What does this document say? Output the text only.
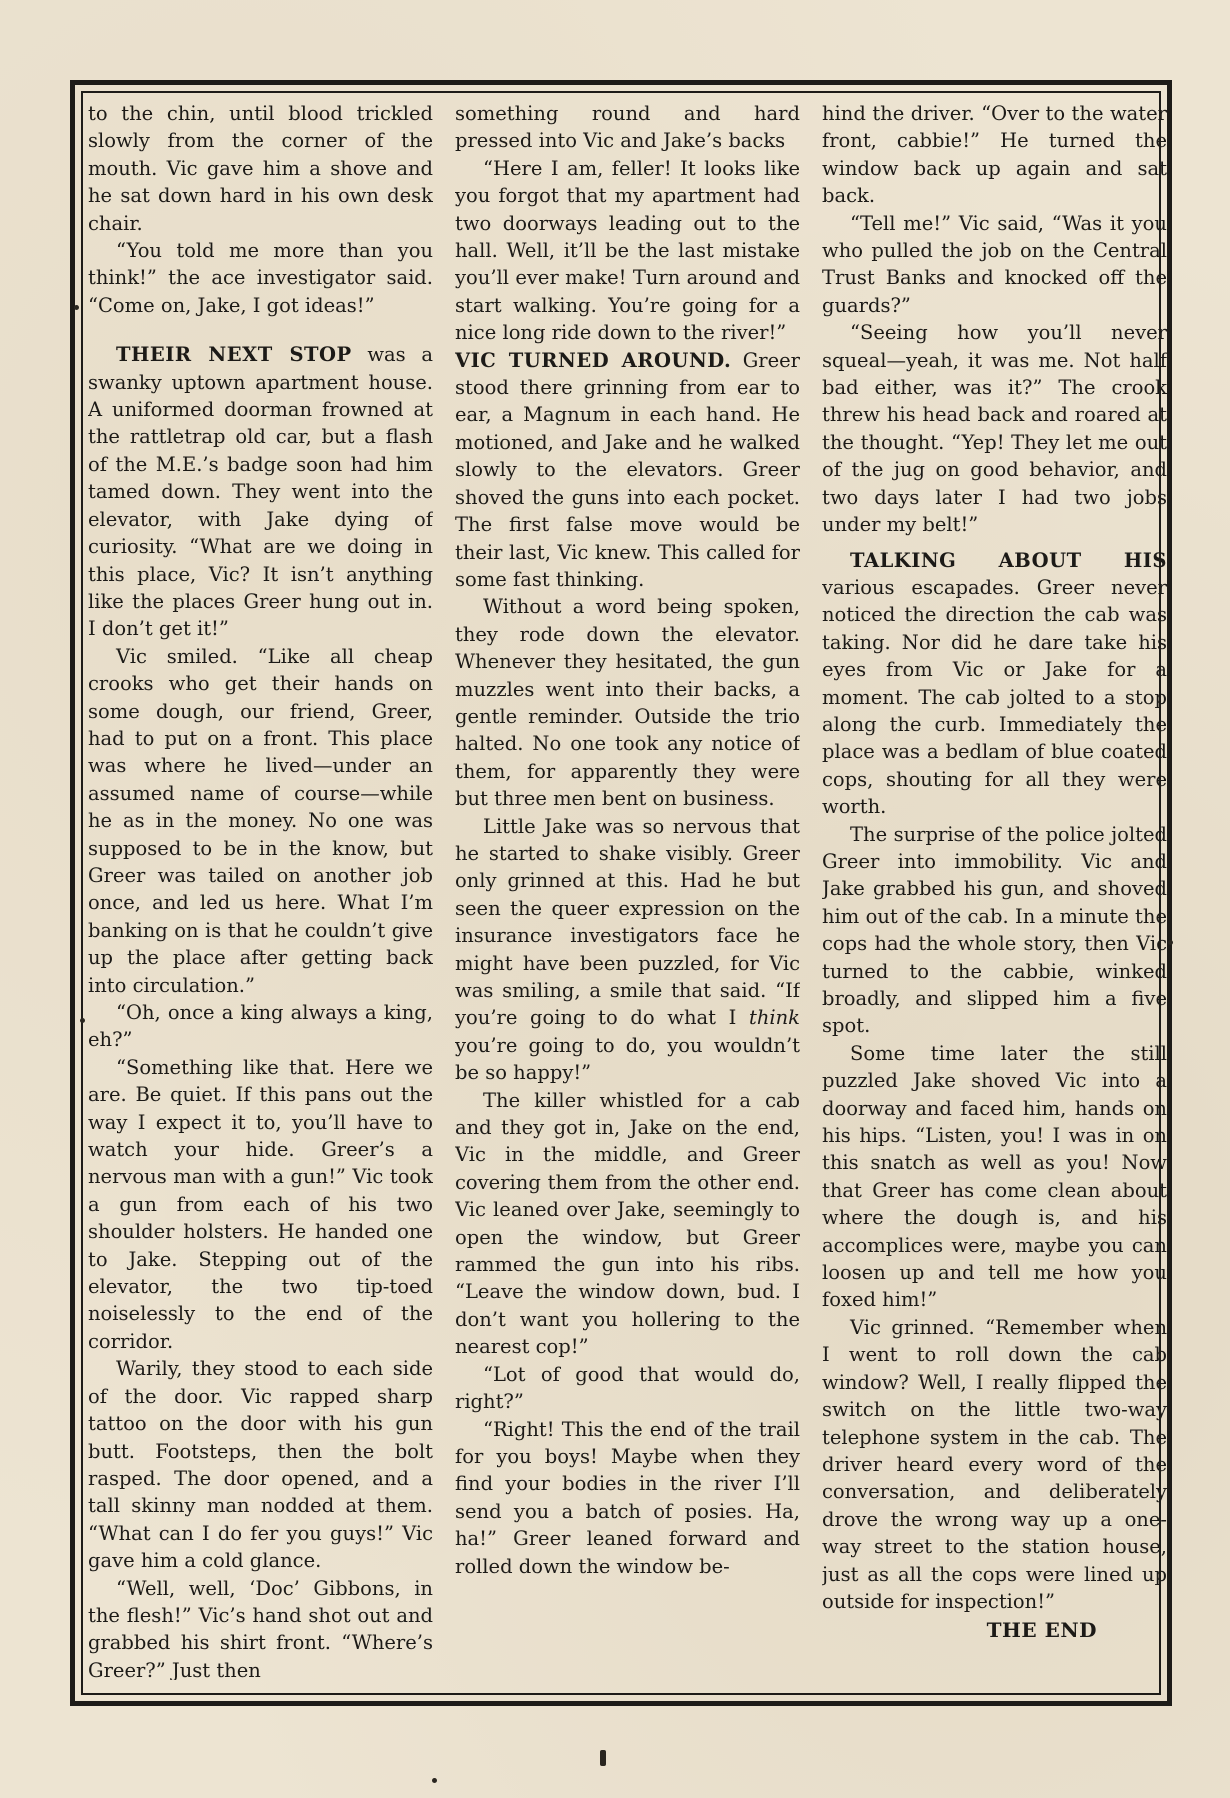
to the chin, until blood trickled slowly from the corner of the mouth. Vic gave him a shove and he sat down hard in his own desk chair.

“You told me more than you think!” the ace investigator said. “Come on, Jake, I got ideas!”

THEIR NEXT STOP was a swanky uptown apartment house. A uniformed doorman frowned at the rattletrap old car, but a flash of the M.E.’s badge soon had him tamed down. They went into the elevator, with Jake dying of curiosity. “What are we doing in this place, Vic? It isn’t anything like the places Greer hung out in. I don’t get it!”

Vic smiled. “Like all cheap crooks who get their hands on some dough, our friend, Greer, had to put on a front. This place was where he lived—under an assumed name of course—while he as in the money. No one was supposed to be in the know, but Greer was tailed on another job once, and led us here. What I’m banking on is that he couldn’t give up the place after getting back into circulation.”

“Oh, once a king always a king, eh?”

“Something like that. Here we are. Be quiet. If this pans out the way I expect it to, you’ll have to watch your hide. Greer’s a nervous man with a gun!” Vic took a gun from each of his two shoulder holsters. He handed one to Jake. Stepping out of the elevator, the two tip-toed noiselessly to the end of the corridor.

Warily, they stood to each side of the door. Vic rapped sharp tattoo on the door with his gun butt. Footsteps, then the bolt rasped. The door opened, and a tall skinny man nodded at them. “What can I do fer you guys!” Vic gave him a cold glance.

“Well, well, ‘Doc’ Gibbons, in the flesh!” Vic’s hand shot out and grabbed his shirt front. “Where’s Greer?” Just then

something round and hard pressed into Vic and Jake’s backs

“Here I am, feller! It looks like you forgot that my apartment had two doorways leading out to the hall. Well, it’ll be the last mistake you’ll ever make! Turn around and start walking. You’re going for a nice long ride down to the river!”

VIC TURNED AROUND. Greer stood there grinning from ear to ear, a Magnum in each hand. He motioned, and Jake and he walked slowly to the elevators. Greer shoved the guns into each pocket. The first false move would be their last, Vic knew. This called for some fast thinking.

Without a word being spoken, they rode down the elevator. Whenever they hesitated, the gun muzzles went into their backs, a gentle reminder. Outside the trio halted. No one took any notice of them, for apparently they were but three men bent on business.

Little Jake was so nervous that he started to shake visibly. Greer only grinned at this. Had he but seen the queer expression on the insurance investigators face he might have been puzzled, for Vic was smiling, a smile that said. “If you’re going to do what I think you’re going to do, you wouldn’t be so happy!”

The killer whistled for a cab and they got in, Jake on the end, Vic in the middle, and Greer covering them from the other end. Vic leaned over Jake, seemingly to open the window, but Greer rammed the gun into his ribs. “Leave the window down, bud. I don’t want you hollering to the nearest cop!”

“Lot of good that would do, right?”

“Right! This the end of the trail for you boys! Maybe when they find your bodies in the river I’ll send you a batch of posies. Ha, ha!” Greer leaned forward and rolled down the window be-

hind the driver. “Over to the water front, cabbie!” He turned the window back up again and sat back.

“Tell me!” Vic said, “Was it you who pulled the job on the Central Trust Banks and knocked off the guards?”

“Seeing how you’ll never squeal—yeah, it was me. Not half bad either, was it?” The crook threw his head back and roared at the thought. “Yep! They let me out of the jug on good behavior, and two days later I had two jobs under my belt!”

TALKING ABOUT HIS various escapades. Greer never noticed the direction the cab was taking. Nor did he dare take his eyes from Vic or Jake for a moment. The cab jolted to a stop along the curb. Immediately the place was a bedlam of blue coated cops, shouting for all they were worth.

The surprise of the police jolted Greer into immobility. Vic and Jake grabbed his gun, and shoved him out of the cab. In a minute the cops had the whole story, then Vic turned to the cabbie, winked broadly, and slipped him a five spot.

Some time later the still puzzled Jake shoved Vic into a doorway and faced him, hands on his hips. “Listen, you! I was in on this snatch as well as you! Now that Greer has come clean about where the dough is, and his accomplices were, maybe you can loosen up and tell me how you foxed him!”

Vic grinned. “Remember when I went to roll down the cab window? Well, I really flipped the switch on the little two-way telephone system in the cab. The driver heard every word of the conversation, and deliberately drove the wrong way up a one-way street to the station house, just as all the cops were lined up outside for inspection!”

THE END
